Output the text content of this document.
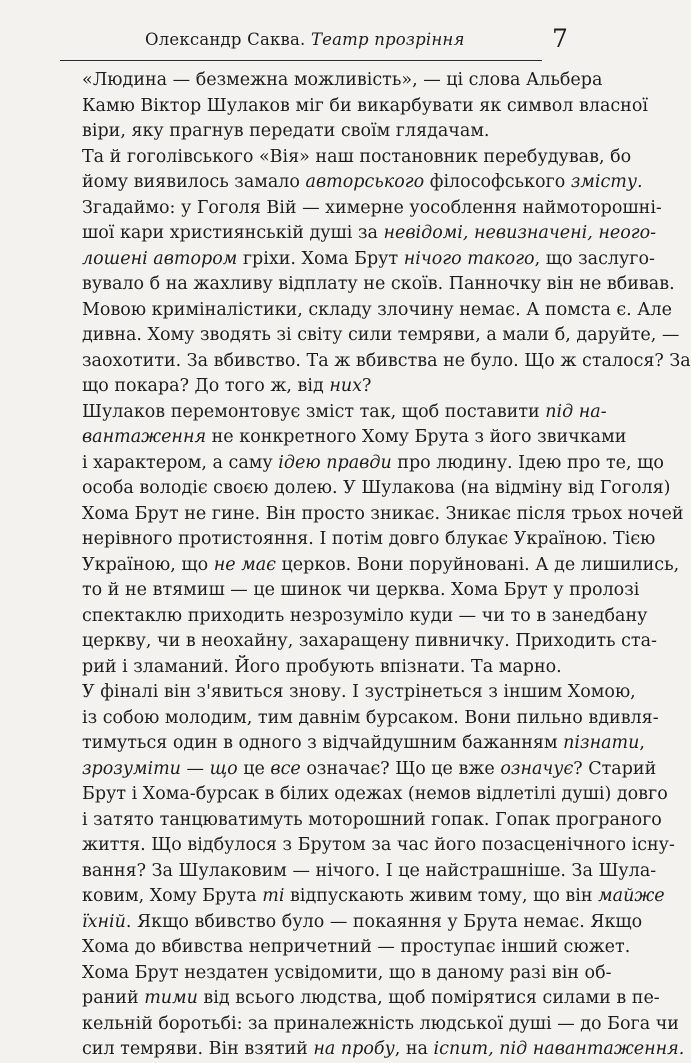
Олександр Саква. Театр прозріння	7

«Людина — безмежна можливість», — ці слова Альбера
Камю Віктор Шулаков міг би викарбувати як символ власної
віри, яку прагнув передати своїм глядачам.

Та й гоголівського «Вія» наш постановник перебудував, бо
йому виявилось замало авторського філософського змісту.
Згадаймо: у Гоголя Вій — химерне уособлення наймоторошні-
шої кари християнській душі за невідомі, невизначені, неого-
лошені автором гріхи. Хома Брут нічого такого, що заслуго-
вувало б на жахливу відплату не скоїв. Панночку він не вбивав.
Мовою криміналістики, складу злочину немає. А помста є. Але
дивна. Хому зводять зі світу сили темряви, а мали б, даруйте, —
заохотити. За вбивство. Та ж вбивства не було. Що ж сталося? За
що покара? До того ж, від них?

Шулаков перемонтовує зміст так, щоб поставити під на-
вантаження не конкретного Хому Брута з його звичками
і характером, а саму ідею правди про людину. Ідею про те, що
особа володіє своєю долею. У Шулакова (на відміну від Гоголя)
Хома Брут не гине. Він просто зникає. Зникає після трьох ночей
нерівного протистояння. І потім довго блукає Україною. Тією
Україною, що не має церков. Вони поруйновані. А де лишились,
то й не втямиш — це шинок чи церква. Хома Брут у пролозі
спектаклю приходить незрозуміло куди — чи то в занедбану
церкву, чи в неохайну, захаращену пивничку. Приходить ста-
рий і зламаний. Його пробують впізнати. Та марно.

У фіналі він з'явиться знову. І зустрінеться з іншим Хомою,
із собою молодим, тим давнім бурсаком. Вони пильно вдивля-
тимуться один в одного з відчайдушним бажанням пізнати,
зрозуміти — що це все означає? Що це вже означує? Старий
Брут і Хома-бурсак в білих одежах (немов відлетілі душі) довго
і затято танцюватимуть моторошний гопак. Гопак програного
життя. Що відбулося з Брутом за час його позасценічного іcну-
вання? За Шулаковим — нічого. І це найстрашніше. За Шула-
ковим, Хому Брута ті відпускають живим тому, що він майже
їхній. Якщо вбивство було — покаяння у Брута немає. Якщо
Хома до вбивства непричетний — проступає інший сюжет.

Хома Брут нездатен усвідомити, що в даному разі він об-
раний тими від всього людства, щоб помірятися силами в пе-
кельній боротьбі: за приналежність людської душі — до Бога чи
сил темряви. Він взятий на пробу, на іспит, під навантаження.
